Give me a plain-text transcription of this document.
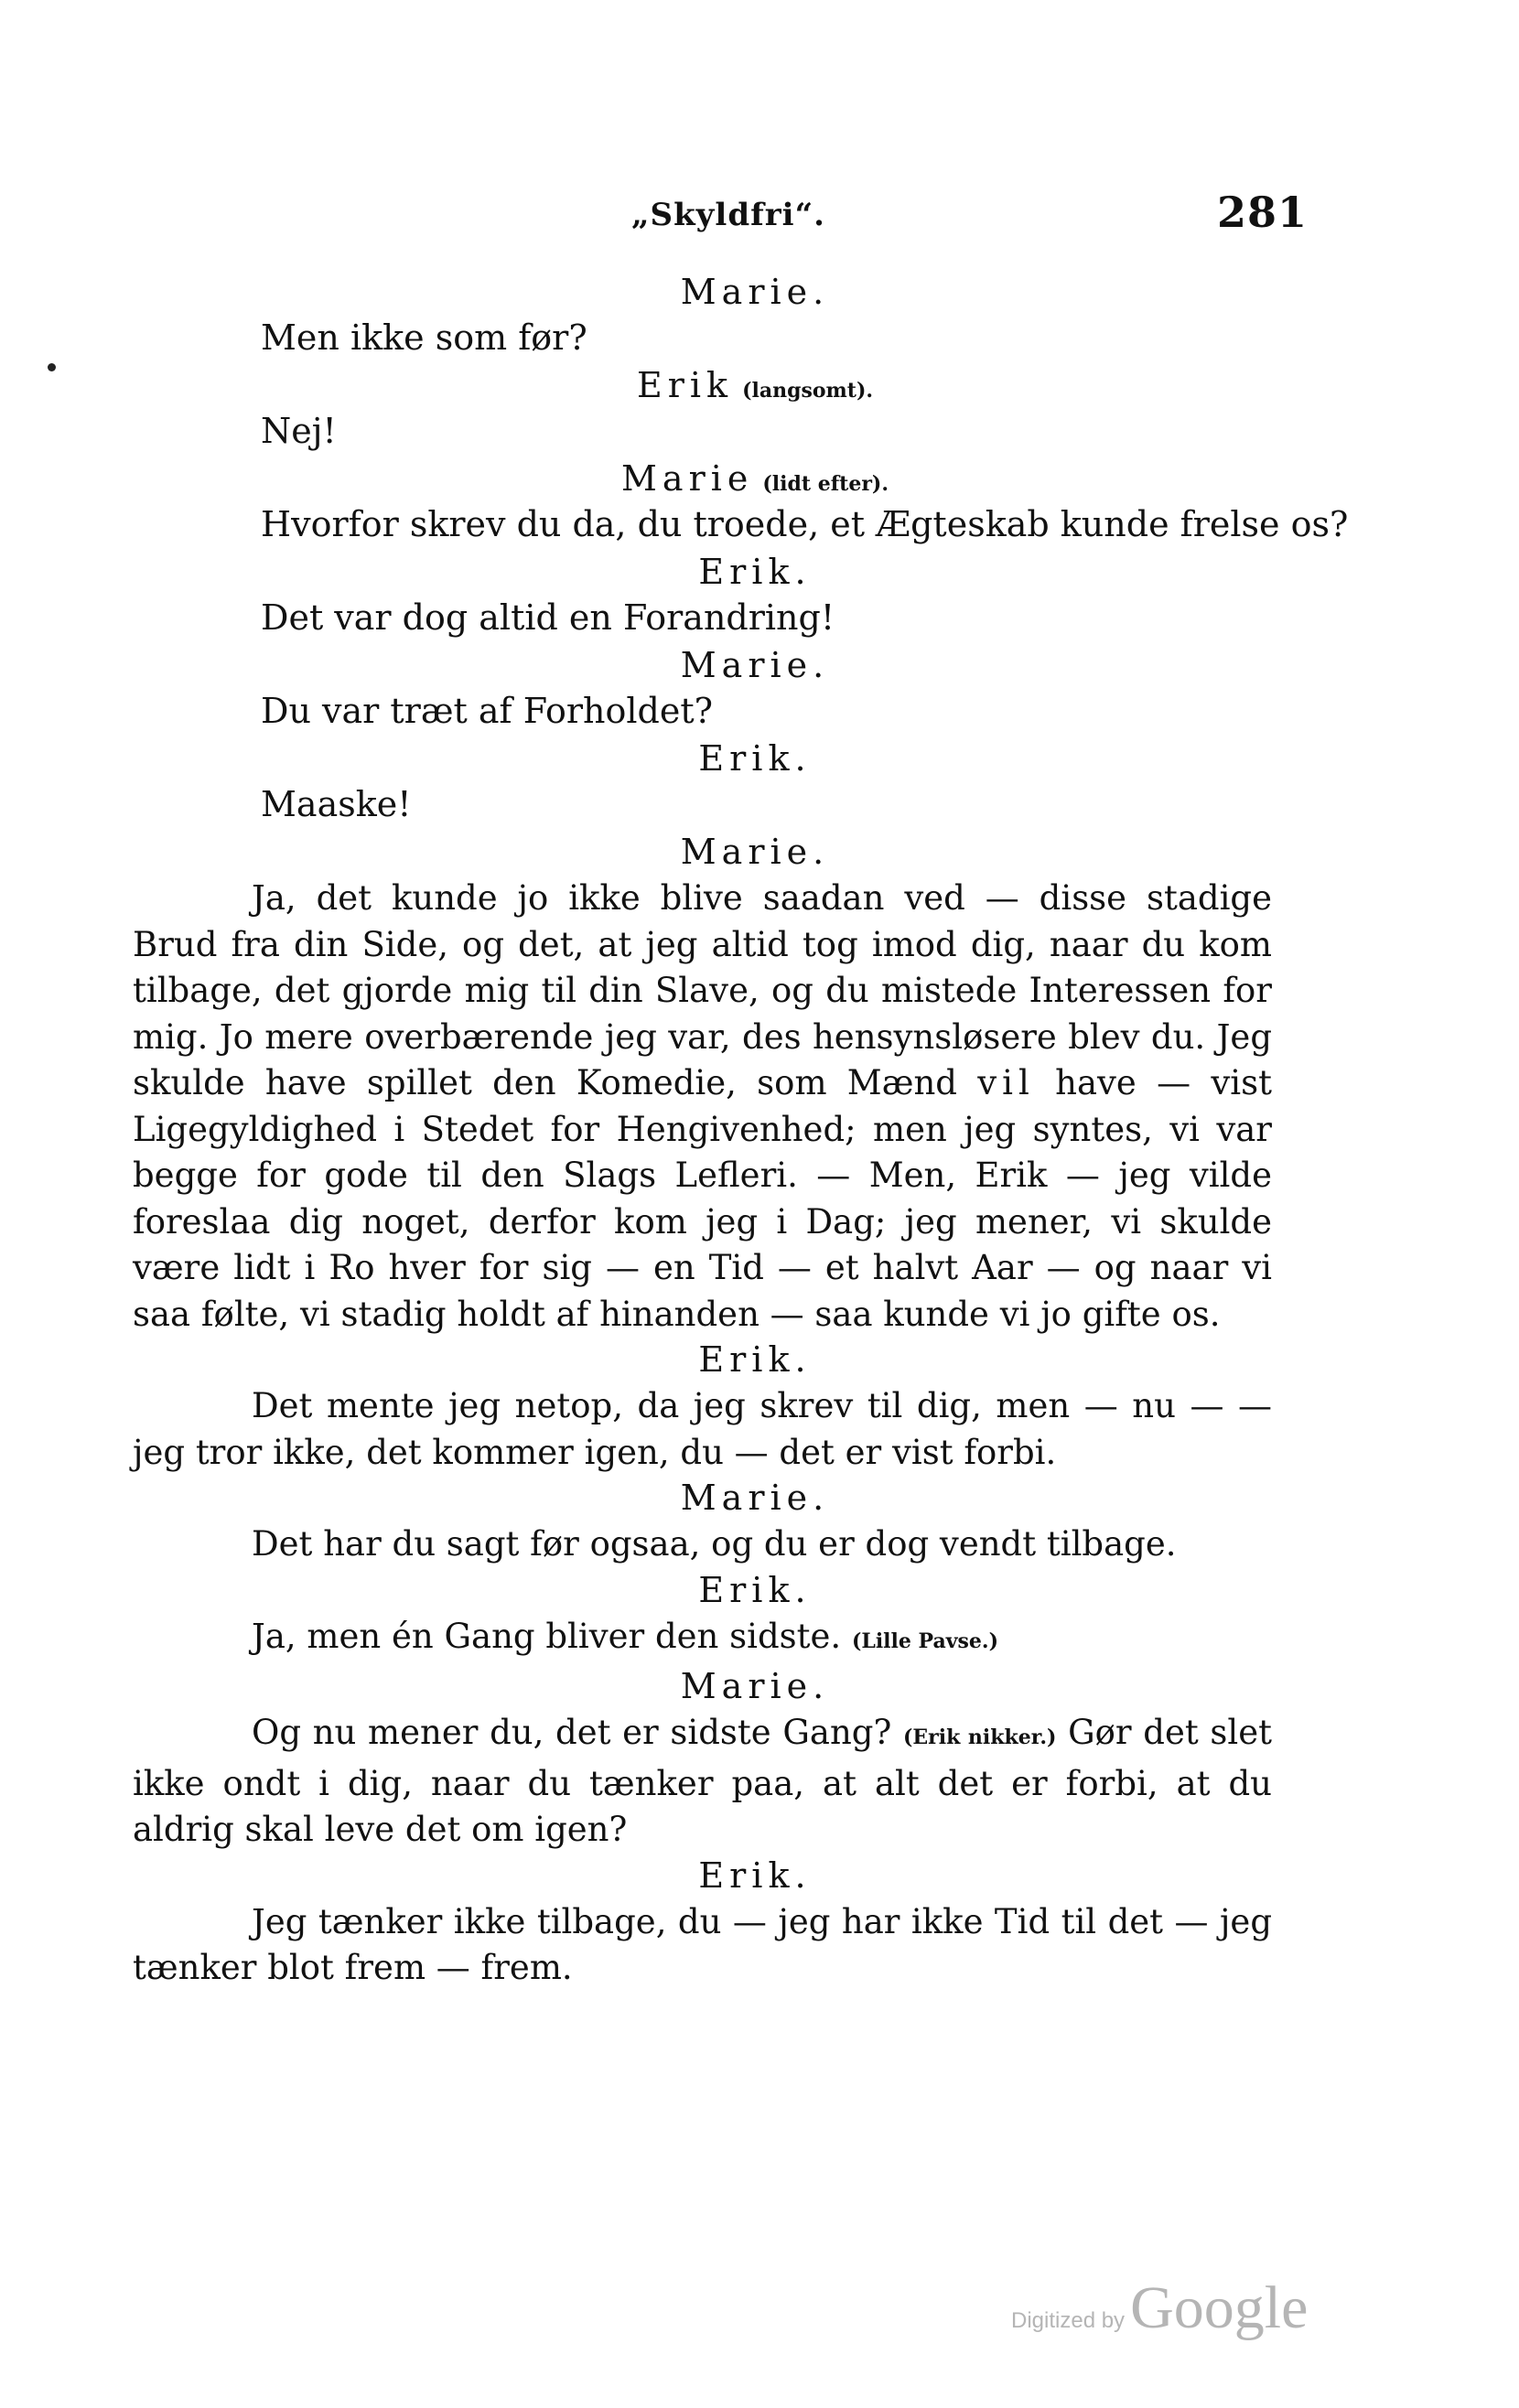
„Skyldfri“.	281
Marie.
Men ikke som før?
Erik (langsomt).
Nej!
Marie (lidt efter).
Hvorfor skrev du da, du troede, et Ægteskab kunde frelse os?
Erik.
Det var dog altid en Forandring!
Marie.
Du var træt af Forholdet?
Erik.
Maaske!
Marie.
Ja, det kunde jo ikke blive saadan ved — disse stadige Brud fra din Side, og det, at jeg altid tog imod dig, naar du kom tilbage, det gjorde mig til din Slave, og du mistede Interessen for mig. Jo mere overbærende jeg var, des hensynsløsere blev du. Jeg skulde have spillet den Komedie, som Mænd vil have — vist Ligegyldighed i Stedet for Hengivenhed; men jeg syntes, vi var begge for gode til den Slags Lefleri. — Men, Erik — jeg vilde foreslaa dig noget, derfor kom jeg i Dag; jeg mener, vi skulde være lidt i Ro hver for sig — en Tid — et halvt Aar — og naar vi saa følte, vi stadig holdt af hinanden — saa kunde vi jo gifte os.
Erik.
Det mente jeg netop, da jeg skrev til dig, men — nu — — jeg tror ikke, det kommer igen, du — det er vist forbi.
Marie.
Det har du sagt før ogsaa, og du er dog vendt tilbage.
Erik.
Ja, men én Gang bliver den sidste. (Lille Pavse.)
Marie.
Og nu mener du, det er sidste Gang? (Erik nikker.) Gør det slet ikke ondt i dig, naar du tænker paa, at alt det er forbi, at du aldrig skal leve det om igen?
Erik.
Jeg tænker ikke tilbage, du — jeg har ikke Tid til det — jeg tænker blot frem — frem.
Digitized byGoogle
